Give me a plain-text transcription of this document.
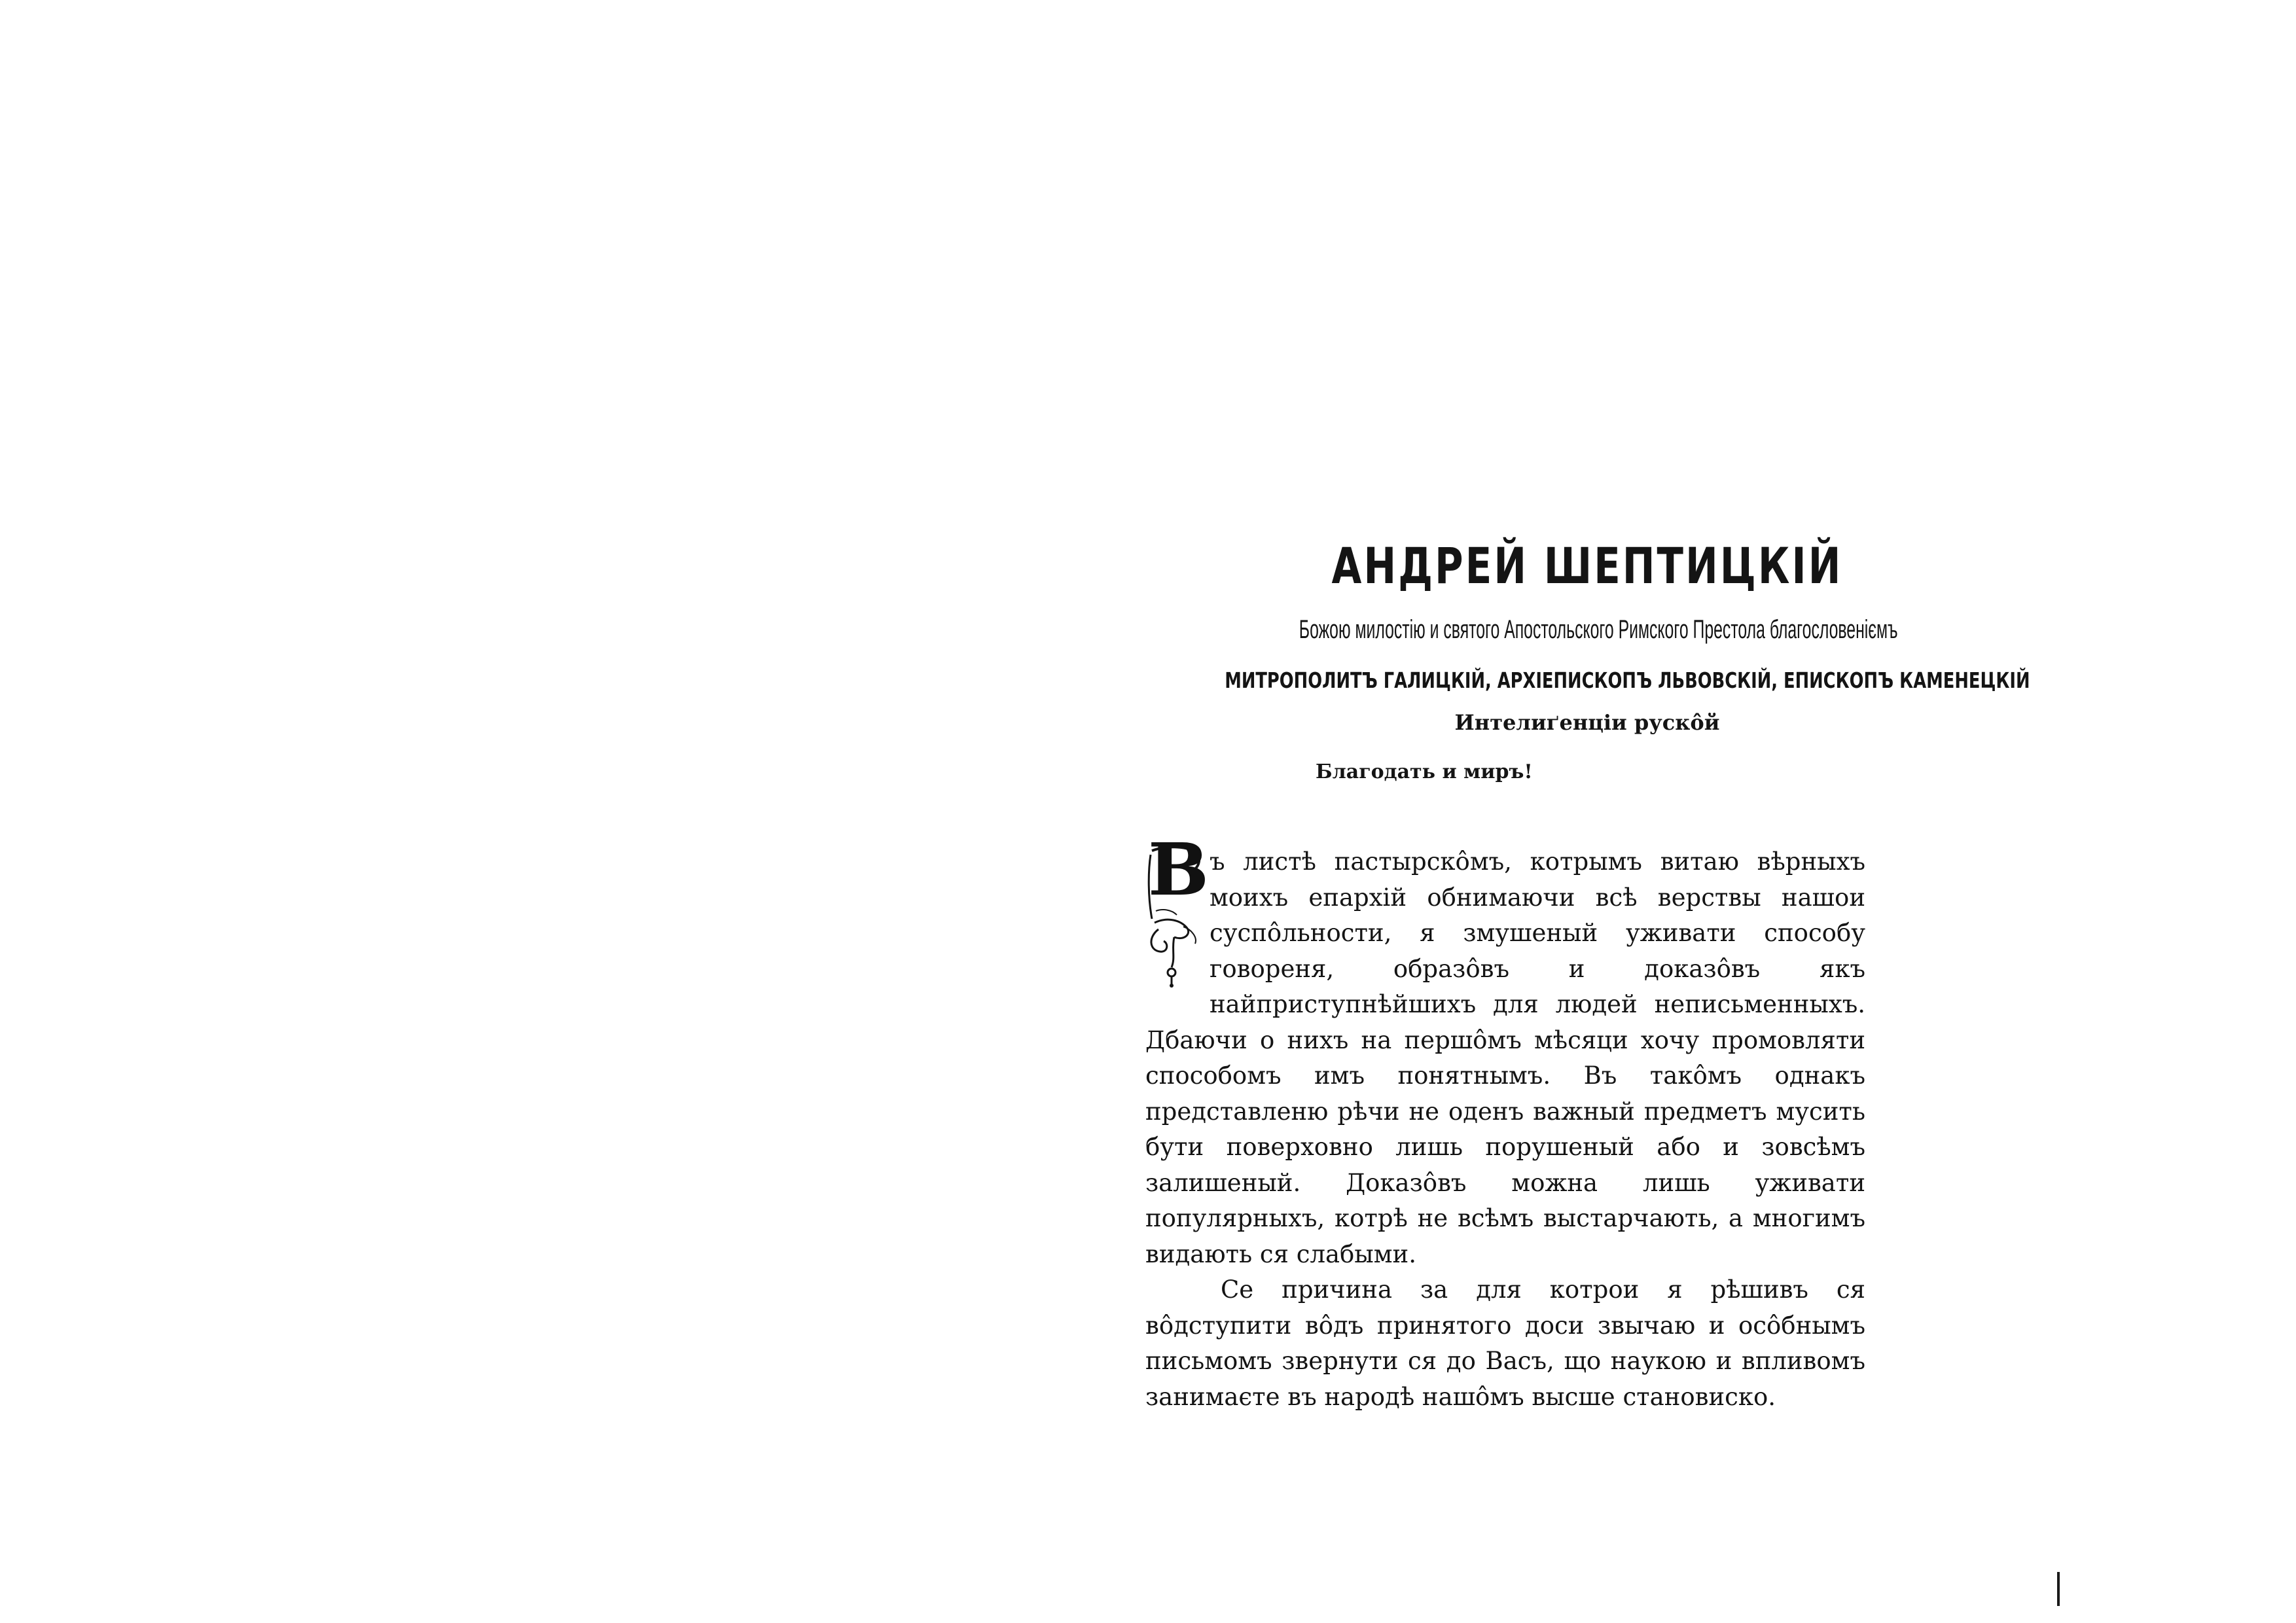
АНДРЕЙ ШЕПТИЦКІЙ
Божою милостію и святого Апостольского Римского Престола благословеніємъ
МИТРОПОЛИТЪ ГАЛИЦКІЙ, АРХІЕПИСКОПЪ ЛЬВОВСКІЙ, ЕПИСКОПЪ КАМЕНЕЦКІЙ
Интелиґенціи рускôй
Благодать и миръ!

В ъ листѣ пастырскôмъ, котрымъ витаю вѣрныхъ моихъ епархій обнимаючи всѣ верствы нашои суспôльности, я змушеный уживати способу говореня, образôвъ и доказôвъ якъ найприступнѣйшихъ для людей неписьменныхъ. Дбаючи о нихъ на першôмъ мѣсяци хочу промовляти способомъ имъ понятнымъ. Въ такôмъ однакъ представленю рѣчи не оденъ важный предметъ мусить бути поверховно лишь порушеный або и зовсѣмъ залишеный. Доказôвъ можна лишь уживати популярныхъ, котрѣ не всѣмъ выстарчають, а многимъ видають ся слабыми.

Се причина за для котрои я рѣшивъ ся вôдступити вôдъ принятого доси звычаю и осôбнымъ письмомъ звернути ся до Васъ, що наукою и впливомъ занимаєте въ народѣ нашôмъ высше становиско.
